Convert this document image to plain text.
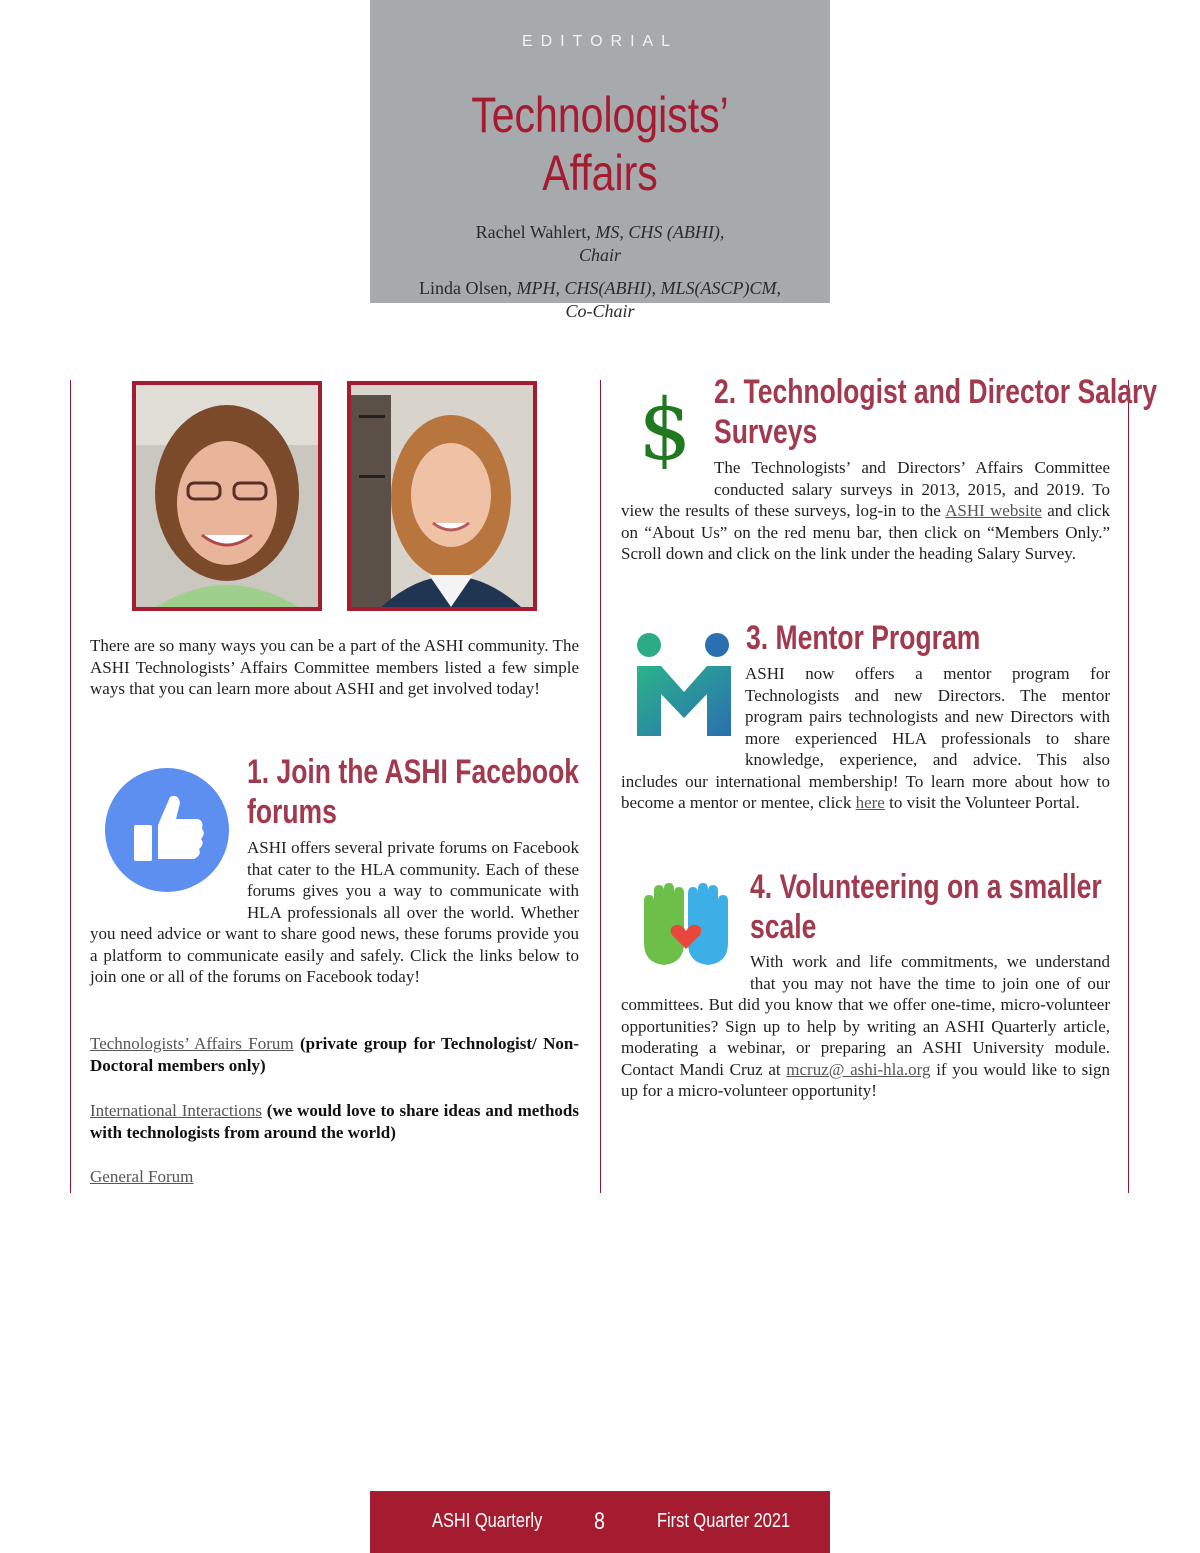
EDITORIAL
Technologists’ Affairs
Rachel Wahlert, MS, CHS (ABHI),
Chair
Linda Olsen, MPH, CHS(ABHI), MLS(ASCP)CM,
Co-Chair

There are so many ways you can be a part of the ASHI community. The ASHI Technologists’ Affairs Committee members listed a few simple ways that you can learn more about ASHI and get involved today!

1. Join the ASHI Facebook
forums

ASHI offers several private forums on Facebook that cater to the HLA community. Each of these forums gives you a way to communicate with HLA professionals all over the world. Whether you need advice or want to share good news, these forums provide you a platform to communicate easily and safely. Click the links below to join one or all of the forums on Facebook today!

Technologists’ Affairs Forum (private group for Technologist/ Non-Doctoral members only)
International Interactions (we would love to share ideas and methods with technologists from around the world)
General Forum
$ 2. Technologist and Director Salary
Surveys

The Technologists’ and Directors’ Affairs Committee conducted salary surveys in 2013, 2015, and 2019. To view the results of these surveys, log-in to the ASHI website and click on “About Us” on the red menu bar, then click on “Members Only.” Scroll down and click on the link under the heading Salary Survey.

3. Mentor Program

ASHI now offers a mentor program for Technologists and new Directors. The mentor program pairs technologists and new Directors with more experienced HLA professionals to share knowledge, experience, and advice. This also includes our international membership! To learn more about how to become a mentor or mentee, click here to visit the Volunteer Portal.

4. Volunteering on a smaller
scale

With work and life commitments, we understand that you may not have the time to join one of our committees. But did you know that we offer one-time, micro-volunteer opportunities? Sign up to help by writing an ASHI Quarterly article, moderating a webinar, or preparing an ASHI University module. Contact Mandi Cruz at mcruz@ ashi-hla.org if you would like to sign up for a micro-volunteer opportunity!

ASHI Quarterly 8	First Quarter 2021
